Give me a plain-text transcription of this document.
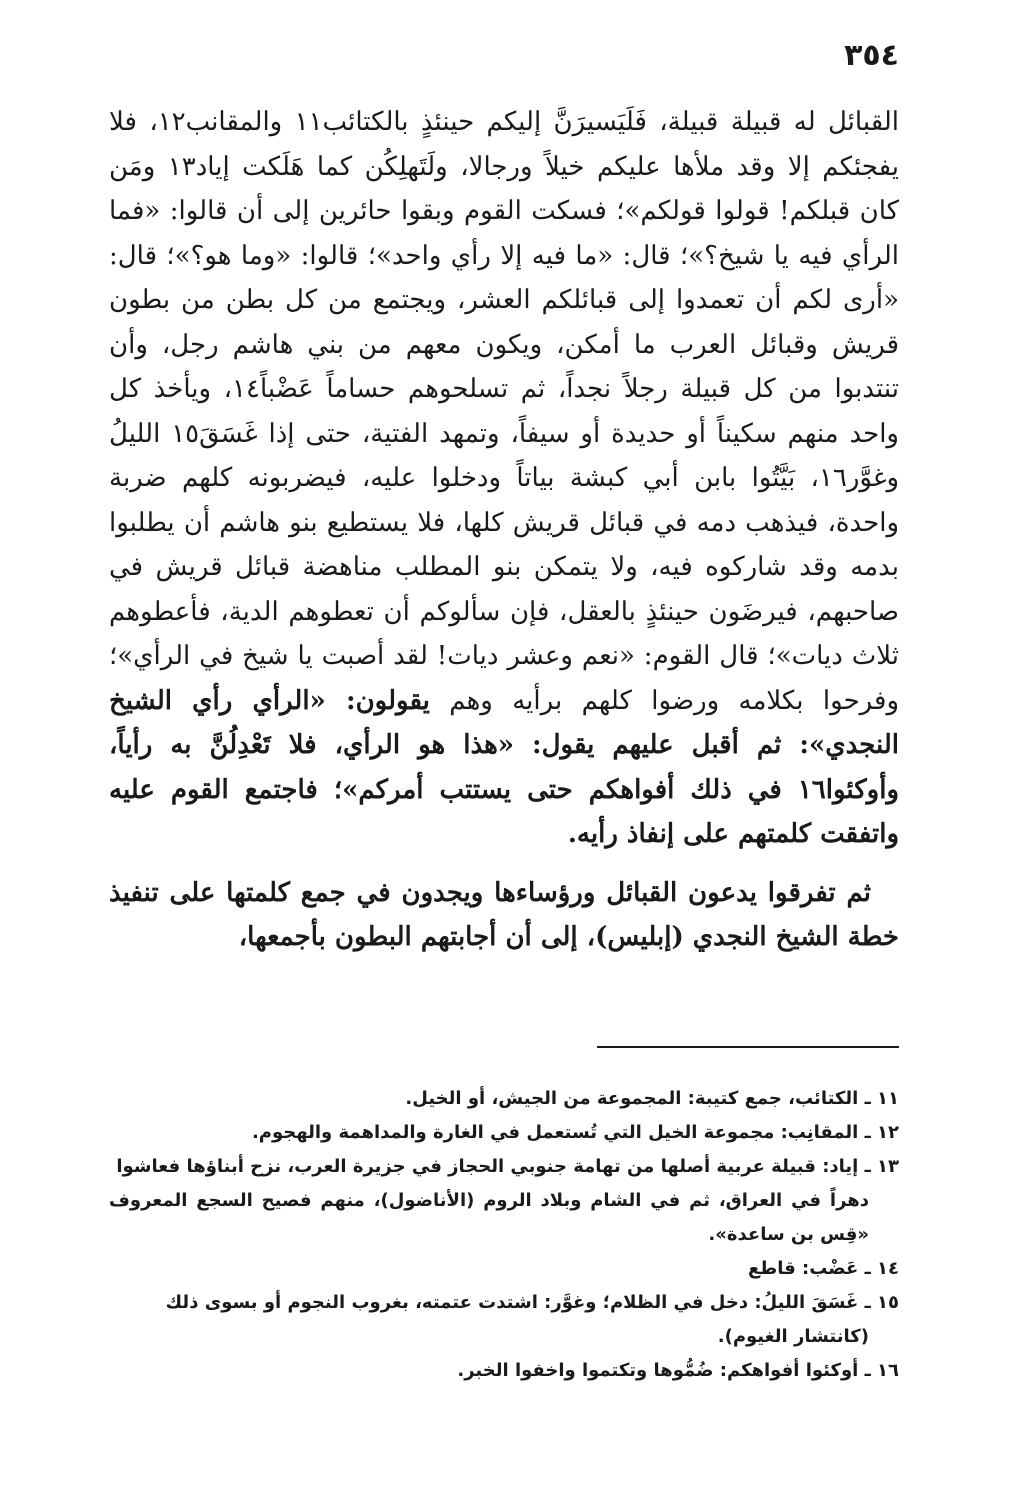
٣٥٤

القبائل له قبيلة قبيلة، فَلَيَسيرَنَّ إليكم حينئذٍ بالكتائب١١ والمقانب١٢، فلا يفجئكم إلا وقد ملأها عليكم خيلاً ورجالا، ولَتَهلِكُن كما هَلَكت إياد١٣ ومَن كان قبلكم! قولوا قولكم»؛ فسكت القوم وبقوا حائرين إلى أن قالوا: «فما الرأي فيه يا شيخ؟»؛ قال: «ما فيه إلا رأي واحد»؛ قالوا: «وما هو؟»؛ قال: «أرى لكم أن تعمدوا إلى قبائلكم العشر، ويجتمع من كل بطن من بطون قريش وقبائل العرب ما أمكن، ويكون معهم من بني هاشم رجل، وأن تنتدبوا من كل قبيلة رجلاً نجداً، ثم تسلحوهم حساماً عَضْباً١٤، ويأخذ كل واحد منهم سكيناً أو حديدة أو سيفاً، وتمهد الفتية، حتى إذا غَسَقَ١٥ الليلُ وغوَّر١٦، بَيَّتُوا بابن أبي كبشة بياتاً ودخلوا عليه، فيضربونه كلهم ضربة واحدة، فيذهب دمه في قبائل قريش كلها، فلا يستطيع بنو هاشم أن يطلبوا بدمه وقد شاركوه فيه، ولا يتمكن بنو المطلب مناهضة قبائل قريش في صاحبهم، فيرضَون حينئذٍ بالعقل، فإن سألوكم أن تعطوهم الدية، فأعطوهم ثلاث ديات»؛ قال القوم: «نعم وعشر ديات! لقد أصبت يا شيخ في الرأي»؛ وفرحوا بكلامه ورضوا كلهم برأيه وهم يقولون: «الرأي رأي الشيخ النجدي»: ثم أقبل عليهم يقول: «هذا هو الرأي، فلا تَعْدِلُنَّ به رأياً، وأوكئوا١٦ في ذلك أفواهكم حتى يستتب أمركم»؛ فاجتمع القوم عليه واتفقت كلمتهم على إنفاذ رأيه.

ثم تفرقوا يدعون القبائل ورؤساءها ويجدون في جمع كلمتها على تنفيذ خطة الشيخ النجدي (إبليس)، إلى أن أجابتهم البطون بأجمعها،

١١ ـ الكتائب، جمع كتيبة: المجموعة من الجيش، أو الخيل.

١٢ ـ المقانِب: مجموعة الخيل التي تُستعمل في الغارة والمداهمة والهجوم.

١٣ ـ إياد: قبيلة عربية أصلها من تهامة جنوبي الحجاز في جزيرة العرب، نزح أبناؤها فعاشوا
دهراً في العراق، ثم في الشام وبلاد الروم (الأناضول)، منهم فصيح السجع المعروف «قِس بن ساعدة».

١٤ ـ عَضْب: قاطع

١٥ ـ غَسَقَ الليلُ: دخل في الظلام؛ وغوَّر: اشتدت عتمته، بغروب النجوم أو بسوى ذلك
(كانتشار الغيوم).

١٦ ـ أوكئوا أفواهكم: ضُمُّوها وتكتموا واخفوا الخبر.
